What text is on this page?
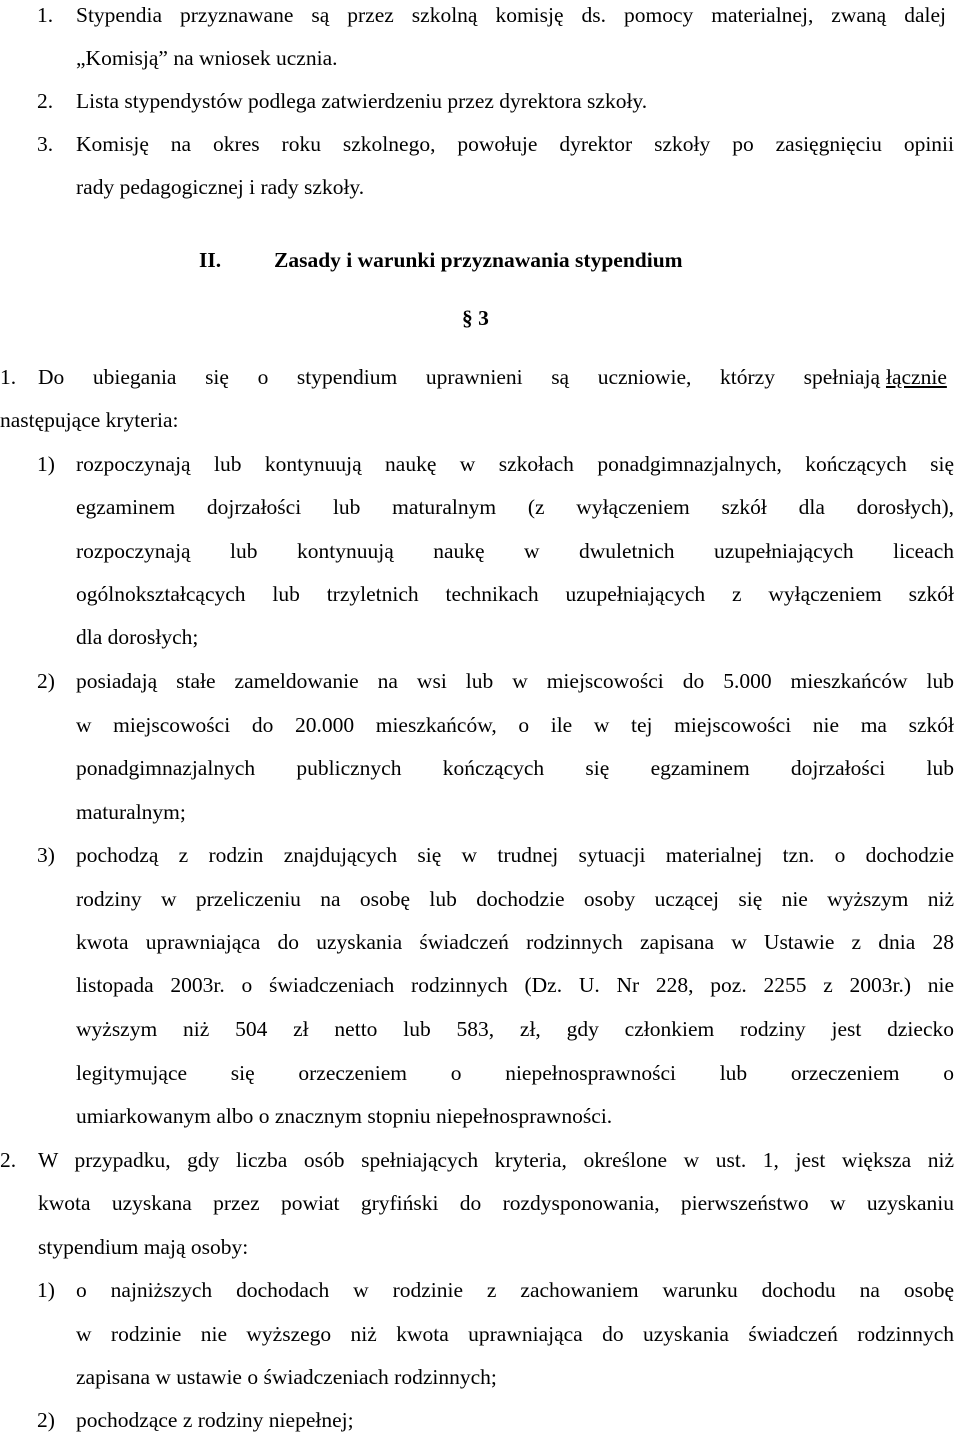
1. Stypendia przyznawane są przez szkolną komisję ds. pomocy materialnej, zwaną dalej
„Komisją” na wniosek ucznia.
2. Lista stypendystów podlega zatwierdzeniu przez dyrektora szkoły.
3. Komisję na okres roku szkolnego, powołuje dyrektor szkoły po zasięgnięciu opinii
rady pedagogicznej i rady szkoły.
II. Zasady i warunki przyznawania stypendium
§ 3
1. Do ubiegania się o stypendium uprawnieni są uczniowie, którzy spełniają łącznie
następujące kryteria:
1) rozpoczynają lub kontynuują naukę w szkołach ponadgimnazjalnych, kończących się
egzaminem dojrzałości lub maturalnym (z wyłączeniem szkół dla dorosłych),
rozpoczynają lub kontynuują naukę w dwuletnich uzupełniających liceach
ogólnokształcących lub trzyletnich technikach uzupełniających z wyłączeniem szkół
dla dorosłych;
2) posiadają stałe zameldowanie na wsi lub w miejscowości do 5.000 mieszkańców lub
w miejscowości do 20.000 mieszkańców, o ile w tej miejscowości nie ma szkół
ponadgimnazjalnych publicznych kończących się egzaminem dojrzałości lub
maturalnym;
3) pochodzą z rodzin znajdujących się w trudnej sytuacji materialnej tzn. o dochodzie
rodziny w przeliczeniu na osobę lub dochodzie osoby uczącej się nie wyższym niż
kwota uprawniająca do uzyskania świadczeń rodzinnych zapisana w Ustawie z dnia 28
listopada 2003r. o świadczeniach rodzinnych (Dz. U. Nr 228, poz. 2255 z 2003r.) nie
wyższym niż 504 zł netto lub 583, zł, gdy członkiem rodziny jest dziecko
legitymujące się orzeczeniem o niepełnosprawności lub orzeczeniem o
umiarkowanym albo o znacznym stopniu niepełnosprawności.
2. W przypadku, gdy liczba osób spełniających kryteria, określone w ust. 1, jest większa niż
kwota uzyskana przez powiat gryfiński do rozdysponowania, pierwszeństwo w uzyskaniu
stypendium mają osoby:
1) o najniższych dochodach w rodzinie z zachowaniem warunku dochodu na osobę
w rodzinie nie wyższego niż kwota uprawniająca do uzyskania świadczeń rodzinnych
zapisana w ustawie o świadczeniach rodzinnych;
2) pochodzące z rodziny niepełnej;
